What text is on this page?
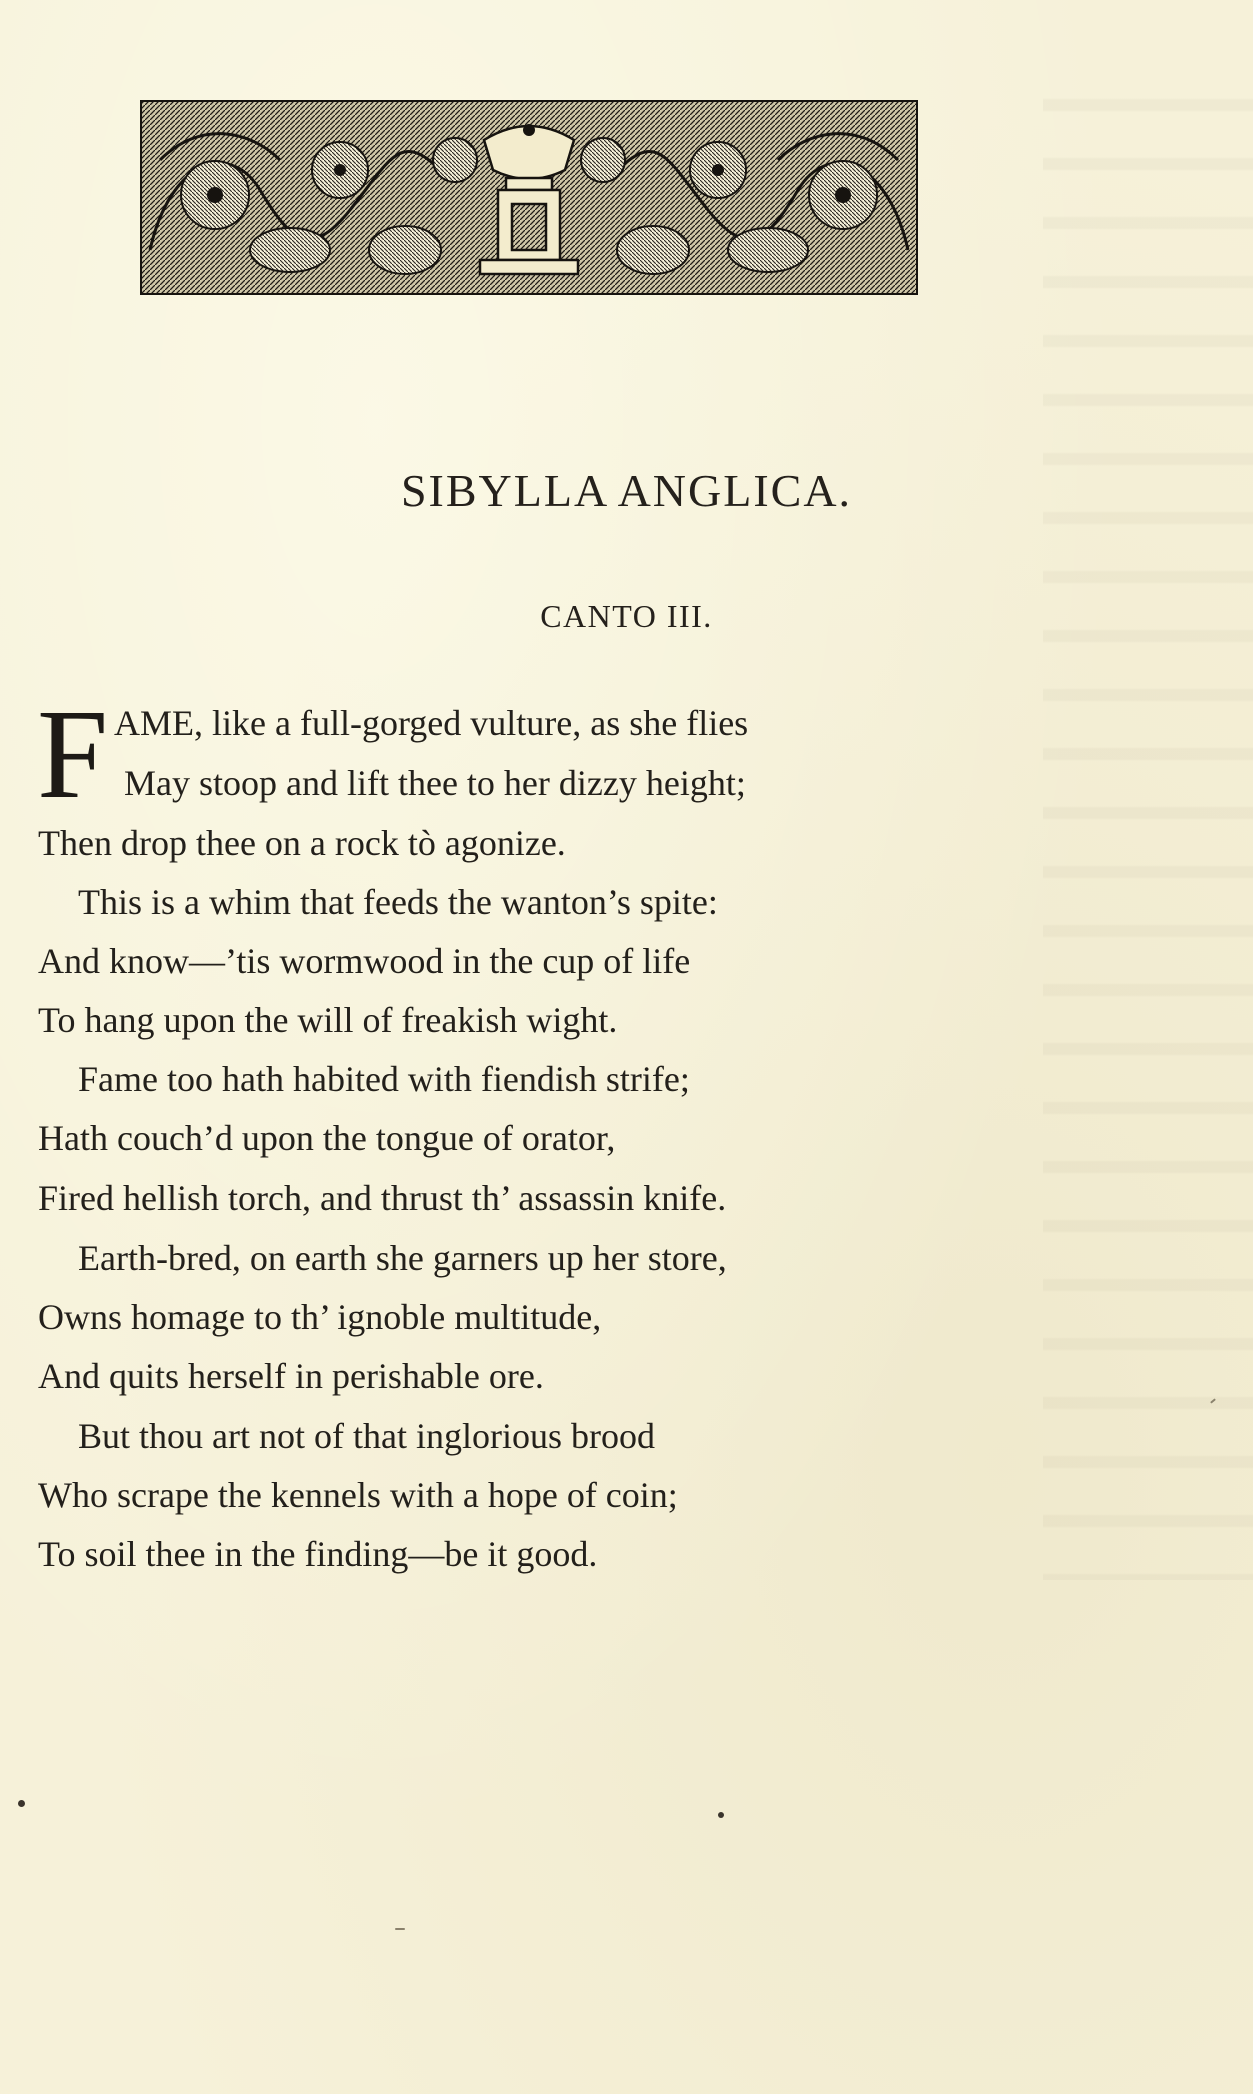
SIBYLLA ANGLICA.
CANTO III.
F AME, like a full-gorged vulture, as she flies
May stoop and lift thee to her dizzy height;
Then drop thee on a rock tò agonize.
This is a whim that feeds the wanton’s spite:
And know—’tis wormwood in the cup of life
To hang upon the will of freakish wight.
Fame too hath habited with fiendish strife;
Hath couch’d upon the tongue of orator,
Fired hellish torch, and thrust th’ assassin knife.
Earth-bred, on earth she garners up her store,
Owns homage to th’ ignoble multitude,
And quits herself in perishable ore.
But thou art not of that inglorious brood
Who scrape the kennels with a hope of coin;
To soil thee in the finding—be it good.
